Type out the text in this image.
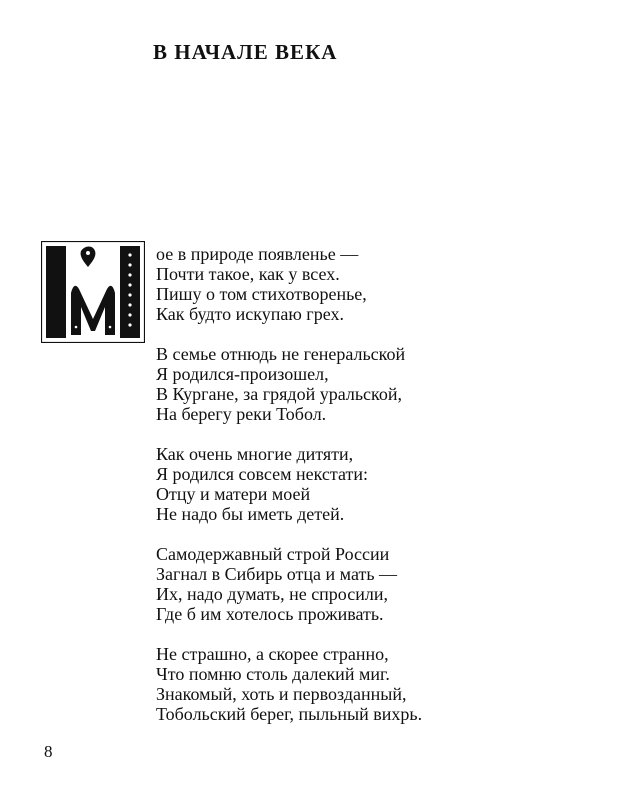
В НАЧАЛЕ ВЕКА
ое в природе появленье —
Почти такое, как у всех.
Пишу о том стихотворенье,
Как будто искупаю грех.
В семье отнюдь не генеральской
Я родился-произошел,
В Кургане, за грядой уральской,
На берегу реки Тобол.
Как очень многие дитяти,
Я родился совсем некстати:
Отцу и матери моей
Не надо бы иметь детей.
Самодержавный строй России
Загнал в Сибирь отца и мать —
Их, надо думать, не спросили,
Где б им хотелось проживать.
Не страшно, а скорее странно,
Что помню столь далекий миг.
Знакомый, хоть и первозданный,
Тобольский берег, пыльный вихрь.
8
